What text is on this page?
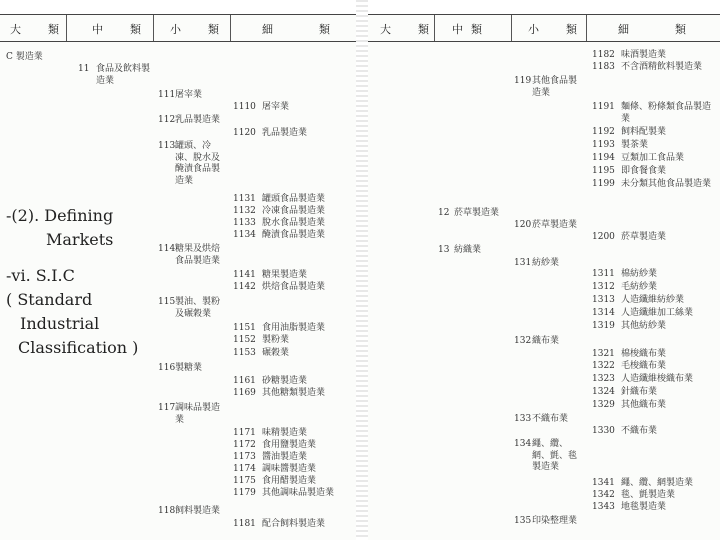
大　類 中　類 小　類	細　　類
C 製造業
11 食品及飲料製造業
111 屠宰業
1110 屠宰業
112 乳品製造業
1120 乳品製造業
113 罐頭、冷凍、脫水及醃漬食品製造業
1131 罐頭食品製造業
1132 冷凍食品製造業
1133 脫水食品製造業
1134 醃漬食品製造業
114 糖果及烘焙食品製造業
1141 糖果製造業
1142 烘焙食品製造業
115 製油、製粉及碾穀業
1151 食用油脂製造業
1152 製粉業
1153 碾穀業
116 製糖業
1161 砂糖製造業
1169 其他糖類製造業
117 調味品製造業
1171 味精製造業
1172 食用鹽製造業
1173 醬油製造業
1174 調味醬製造業
1175 食用醋製造業
1179 其他調味品製造業
118 飼料製造業
1181 配合飼料製造業
大　類 中類	小　類	細　　類
1182 味酒製造業
1183 不含酒精飲料製造業
119 其他食品製造業
1191 麵條、粉條類食品製造業
1192 飼料配製業
1193 製茶業
1194 豆類加工食品業
1195 即食餐食業
1199 未分類其他食品製造業
12 菸草製造業
120 菸草製造業
1200 菸草製造業
13 紡織業
131 紡紗業
1311 棉紡紗業
1312 毛紡紗業
1313 人造纖維紡紗業
1314 人造纖維加工絲業
1319 其他紡紗業
132 織布業
1321 棉梭織布業
1322 毛梭織布業
1323 人造纖維梭織布業
1324 針織布業
1329 其他織布業
133 不織布業
1330 不織布業
134 繩、纜、網、氈、毯製造業
1341 繩、纜、網製造業
1342 毯、氈製造業
1343 地毯製造業
135 印染整理業
-(2). Defining
Markets
-vi. S.I.C
( Standard
Industrial
Classification )
